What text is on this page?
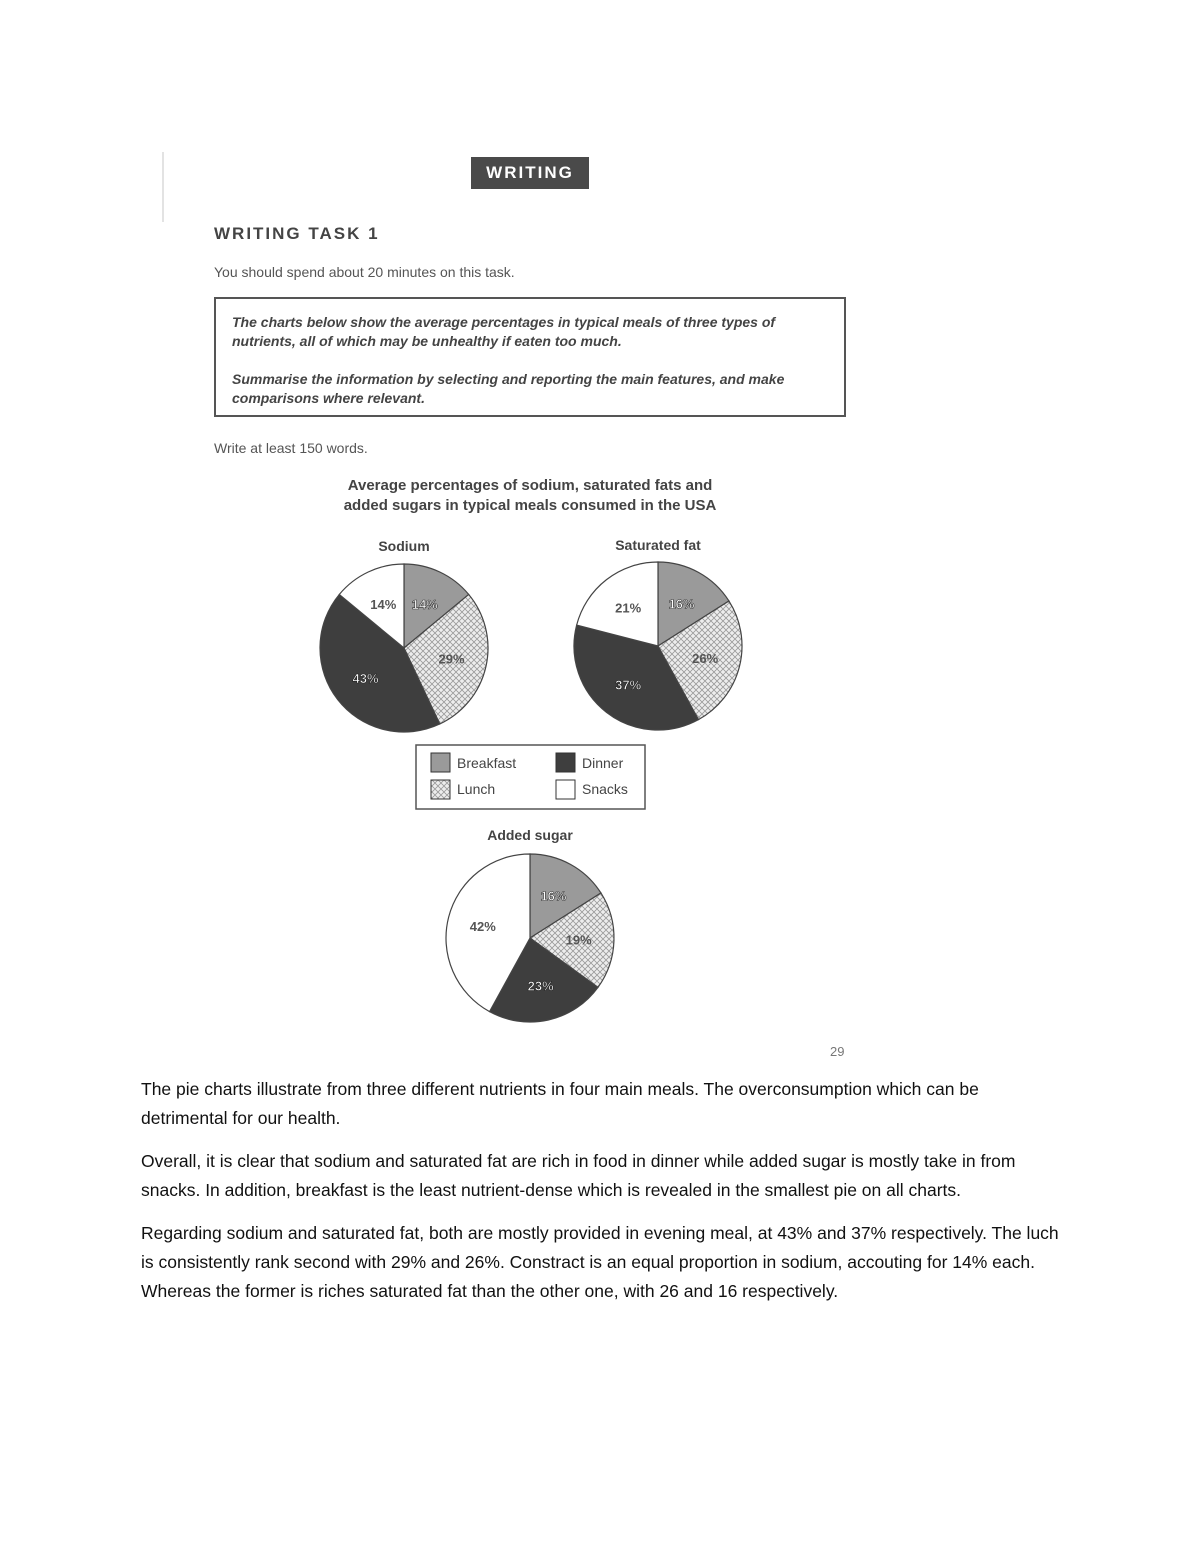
WRITING
WRITING TASK 1
You should spend about 20 minutes on this task.

The charts below show the average percentages in typical meals of three types of nutrients, all of which may be unhealthy if eaten too much.

Summarise the information by selecting and reporting the main features, and make comparisons where relevant.

Write at least 150 words.
Average percentages of sodium, saturated fats and
added sugars in typical meals consumed in the USA
Sodium
14%
29%
43%
14%
Saturated fat
16%
26%
37%
21%
Added sugar
16%
19%
23%
42%
Breakfast
Lunch
Dinner
Snacks
29

The pie charts illustrate from three different nutrients in four main meals. The overconsumption which can be detrimental for our health.

Overall, it is clear that sodium and saturated fat are rich in food in dinner while added sugar is mostly take in from snacks. In addition, breakfast is the least nutrient-dense which is revealed in the smallest pie on all charts.

Regarding sodium and saturated fat, both are mostly provided in evening meal, at 43% and 37% respectively. The luch is consistently rank second with 29% and 26%. Constract is an equal proportion in sodium, accouting for 14% each. Whereas the former is riches saturated fat than the other one, with 26 and 16 respectively.
